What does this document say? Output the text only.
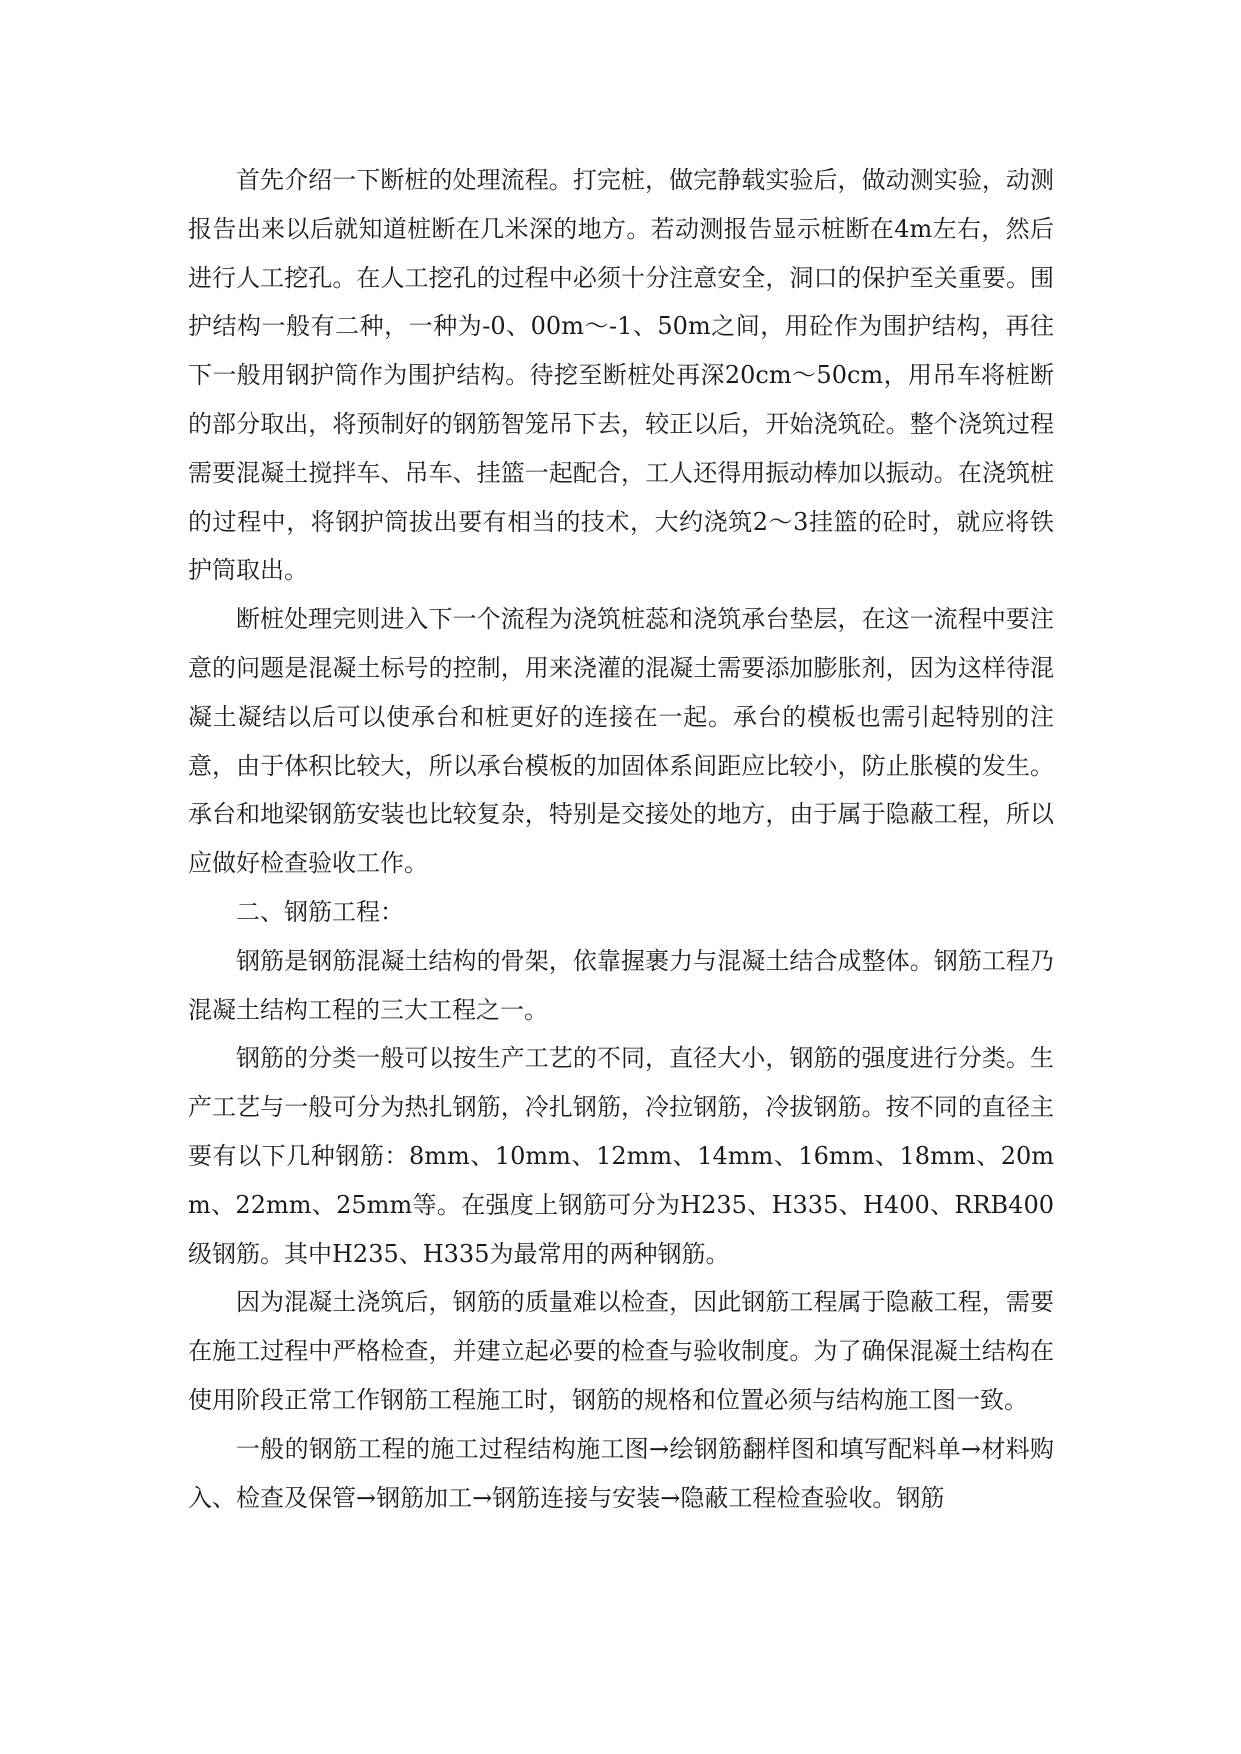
首先介绍一下断桩的处理流程。打完桩，做完静载实验后，做动测实验，动测报告出来以后就知道桩断在几米深的地方。若动测报告显示桩断在4m左右，然后进行人工挖孔。在人工挖孔的过程中必须十分注意安全，洞口的保护至关重要。围护结构一般有二种，一种为-0、00m～-1、50m之间，用砼作为围护结构，再往下一般用钢护筒作为围护结构。待挖至断桩处再深20cm～50cm，用吊车将桩断的部分取出，将预制好的钢筋智笼吊下去，较正以后，开始浇筑砼。整个浇筑过程需要混凝土搅拌车、吊车、挂篮一起配合，工人还得用振动棒加以振动。在浇筑桩的过程中，将钢护筒拔出要有相当的技术，大约浇筑2～3挂篮的砼时，就应将铁护筒取出。

断桩处理完则进入下一个流程为浇筑桩蕊和浇筑承台垫层，在这一流程中要注意的问题是混凝土标号的控制，用来浇灌的混凝土需要添加膨胀剂，因为这样待混凝土凝结以后可以使承台和桩更好的连接在一起。承台的模板也需引起特别的注意，由于体积比较大，所以承台模板的加固体系间距应比较小，防止胀模的发生。承台和地梁钢筋安装也比较复杂，特别是交接处的地方，由于属于隐蔽工程，所以应做好检查验收工作。

二、钢筋工程：

钢筋是钢筋混凝土结构的骨架，依靠握裹力与混凝土结合成整体。钢筋工程乃混凝土结构工程的三大工程之一。

钢筋的分类一般可以按生产工艺的不同，直径大小，钢筋的强度进行分类。生产工艺与一般可分为热扎钢筋，冷扎钢筋，冷拉钢筋，冷拔钢筋。按不同的直径主要有以下几种钢筋：8mm、10mm、12mm、14mm、16mm、18mm、20mm、22mm、25mm等。在强度上钢筋可分为H235、H335、H400、RRB400级钢筋。其中H235、H335为最常用的两种钢筋。

因为混凝土浇筑后，钢筋的质量难以检查，因此钢筋工程属于隐蔽工程，需要在施工过程中严格检查，并建立起必要的检查与验收制度。为了确保混凝土结构在使用阶段正常工作钢筋工程施工时，钢筋的规格和位置必须与结构施工图一致。

一般的钢筋工程的施工过程结构施工图→绘钢筋翻样图和填写配料单→材料购入、检查及保管→钢筋加工→钢筋连接与安装→隐蔽工程检查验收。钢筋
